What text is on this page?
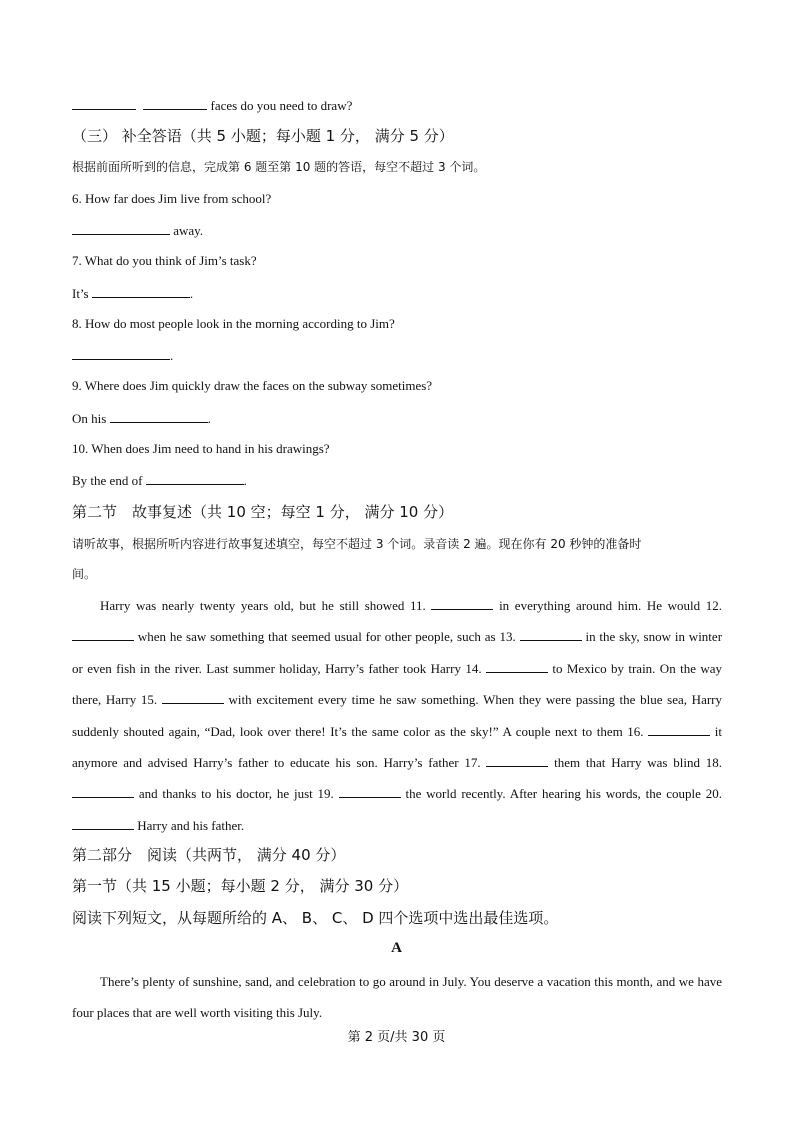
faces do you need to draw?
（三） 补全答语（共 5 小题；每小题 1 分， 满分 5 分）
根据前面所听到的信息，完成第 6 题至第 10 题的答语，每空不超过 3 个词。
6. How far does Jim live from school?
away.
7. What do you think of Jim’s task?
It’s	.
8. How do most people look in the morning according to Jim?
.
9. Where does Jim quickly draw the faces on the subway sometimes?
On his	.
10. When does Jim need to hand in his drawings?
By the end of	.
第二节　故事复述（共 10 空；每空 1 分， 满分 10 分）
请听故事，根据所听内容进行故事复述填空，每空不超过 3 个词。录音读 2 遍。现在你有 20 秒钟的准备时
间。
Harry was nearly twenty years old, but he still showed 11.	in everything around him. He would 12.  when he saw something that seemed usual for other people, such as 13.	in the sky, snow in winter or even fish in the river. Last summer holiday, Harry’s father took Harry 14.	to Mexico by train. On the way there, Harry 15.	with excitement every time he saw something. When they were passing the blue sea, Harry suddenly shouted again, “Dad, look over there! It’s the same color as the sky!” A couple next to them 16.	it anymore and advised Harry’s father to educate his son. Harry’s father 17.	them that Harry was blind 18.  and thanks to his doctor, he just 19.	the world recently. After hearing his words, the couple 20.  Harry and his father.
第二部分　阅读（共两节， 满分 40 分）
第一节（共 15 小题；每小题 2 分， 满分 30 分）
阅读下列短文，从每题所给的 A、 B、 C、 D 四个选项中选出最佳选项。
A
There’s plenty of sunshine, sand, and celebration to go around in July. You deserve a vacation this month, and we have four places that are well worth visiting this July.
第 2 页/共 30 页
